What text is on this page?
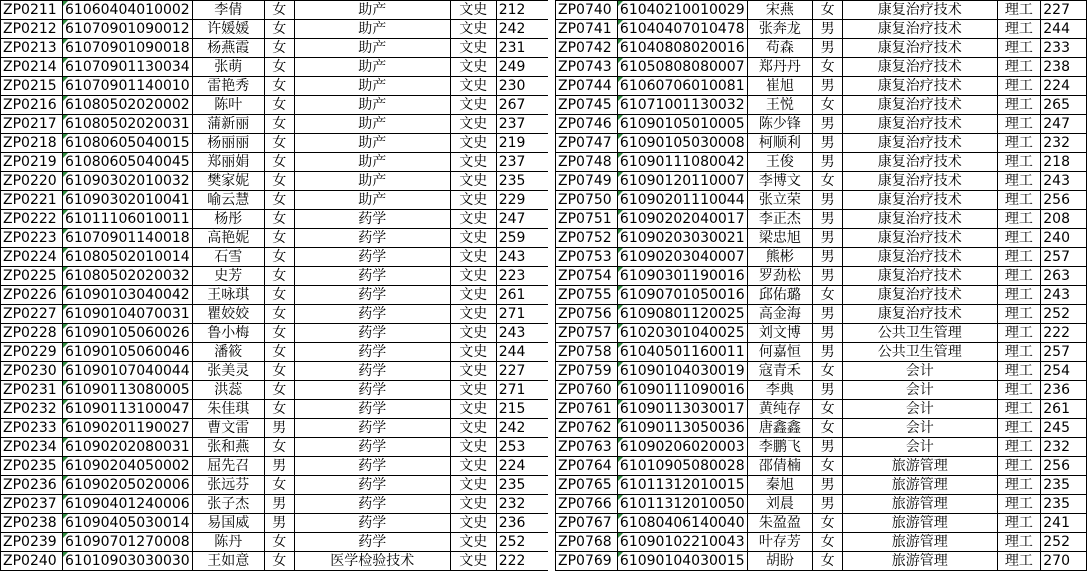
ZP0211	61060404010002	李倩	女	助产	文史	212
ZP0212	61070901090012	许媛媛	女	助产	文史	242
ZP0213	61070901090018	杨燕霞	女	助产	文史	231
ZP0214	61070901130034	张萌	女	助产	文史	249
ZP0215	61070901140010	雷艳秀	女	助产	文史	230
ZP0216	61080502020002	陈叶	女	助产	文史	267
ZP0217	61080502020031	蒲新丽	女	助产	文史	237
ZP0218	61080605040015	杨丽丽	女	助产	文史	219
ZP0219	61080605040045	郑丽娟	女	助产	文史	237
ZP0220	61090302010032	樊家妮	女	助产	文史	235
ZP0221	61090302010041	喻云慧	女	助产	文史	229
ZP0222	61011106010011	杨彤	女	药学	文史	247
ZP0223	61070901140018	高艳妮	女	药学	文史	259
ZP0224	61080502010014	石雪	女	药学	文史	243
ZP0225	61080502020032	史芳	女	药学	文史	223
ZP0226	61090103040042	王咏琪	女	药学	文史	261
ZP0227	61090104070031	瞿姣姣	女	药学	文史	271
ZP0228	61090105060026	鲁小梅	女	药学	文史	243
ZP0229	61090105060046	潘筱	女	药学	文史	244
ZP0230	61090107040044	张美灵	女	药学	文史	227
ZP0231	61090113080005	洪蕊	女	药学	文史	271
ZP0232	61090113100047	朱佳琪	女	药学	文史	215
ZP0233	61090201190027	曹文雷	男	药学	文史	242
ZP0234	61090202080031	张和燕	女	药学	文史	253
ZP0235	61090204050002	屈先召	男	药学	文史	224
ZP0236	61090205020006	张远芬	女	药学	文史	235
ZP0237	61090401240006	张子杰	男	药学	文史	232
ZP0238	61090405030014	易国威	男	药学	文史	236
ZP0239	61090701270008	陈丹	女	药学	文史	252
ZP0240	61010903030030	王如意	女	医学检验技术	文史	222
ZP0740	61040210010029	宋燕	女	康复治疗技术	理工	227
ZP0741	61040407010478	张奔龙	男	康复治疗技术	理工	244
ZP0742	61040808020016	苟森	男	康复治疗技术	理工	233
ZP0743	61050808080007	郑丹丹	女	康复治疗技术	理工	238
ZP0744	61060706010081	崔旭	男	康复治疗技术	理工	224
ZP0745	61071001130032	王悦	女	康复治疗技术	理工	265
ZP0746	61090105010005	陈少锋	男	康复治疗技术	理工	247
ZP0747	61090105030008	柯顺利	男	康复治疗技术	理工	232
ZP0748	61090111080042	王俊	男	康复治疗技术	理工	218
ZP0749	61090120110007	李博文	女	康复治疗技术	理工	243
ZP0750	61090201110044	张立荣	男	康复治疗技术	理工	256
ZP0751	61090202040017	李正杰	男	康复治疗技术	理工	208
ZP0752	61090203030021	梁忠旭	男	康复治疗技术	理工	240
ZP0753	61090203040007	熊彬	男	康复治疗技术	理工	257
ZP0754	61090301190016	罗劲松	男	康复治疗技术	理工	263
ZP0755	61090701050016	邱佑璐	女	康复治疗技术	理工	243
ZP0756	61090801120025	高金海	男	康复治疗技术	理工	252
ZP0757	61020301040025	刘文博	男	公共卫生管理	理工	222
ZP0758	61040501160011	何嘉恒	男	公共卫生管理	理工	257
ZP0759	61090104030019	寇青禾	女	会计	理工	254
ZP0760	61090111090016	李典	男	会计	理工	236
ZP0761	61090113030017	黄纯存	女	会计	理工	261
ZP0762	61090113050036	唐鑫鑫	女	会计	理工	245
ZP0763	61090206020003	李鹏飞	男	会计	理工	232
ZP0764	61010905080028	邵倩楠	女	旅游管理	理工	256
ZP0765	61011312010015	秦旭	男	旅游管理	理工	235
ZP0766	61011312010050	刘晨	男	旅游管理	理工	235
ZP0767	61080406140040	朱盈盈	女	旅游管理	理工	241
ZP0768	61090102210043	叶存芳	女	旅游管理	理工	252
ZP0769	61090104030015	胡盼	女	旅游管理	理工	270
